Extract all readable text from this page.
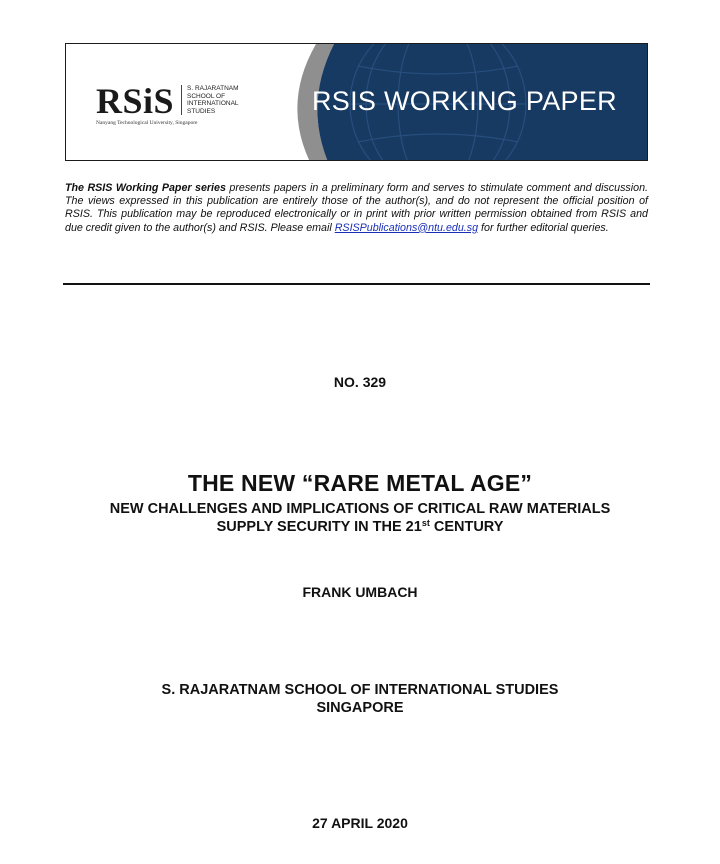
RSiS S. RAJARATNAM
SCHOOL OF
INTERNATIONAL
STUDIES
Nanyang Technological University, Singapore
RSIS WORKING PAPER
The RSIS Working Paper series presents papers in a preliminary form and serves to stimulate comment and discussion. The views expressed in this publication are entirely those of the author(s), and do not represent the official position of RSIS. This publication may be reproduced electronically or in print with prior written permission obtained from RSIS and due credit given to the author(s) and RSIS. Please email RSISPublications@ntu.edu.sg for further editorial queries.
NO. 329
THE NEW “RARE METAL AGE”
NEW CHALLENGES AND IMPLICATIONS OF CRITICAL RAW MATERIALS
SUPPLY SECURITY IN THE 21st CENTURY
FRANK UMBACH
S. RAJARATNAM SCHOOL OF INTERNATIONAL STUDIES
SINGAPORE
27 APRIL 2020
